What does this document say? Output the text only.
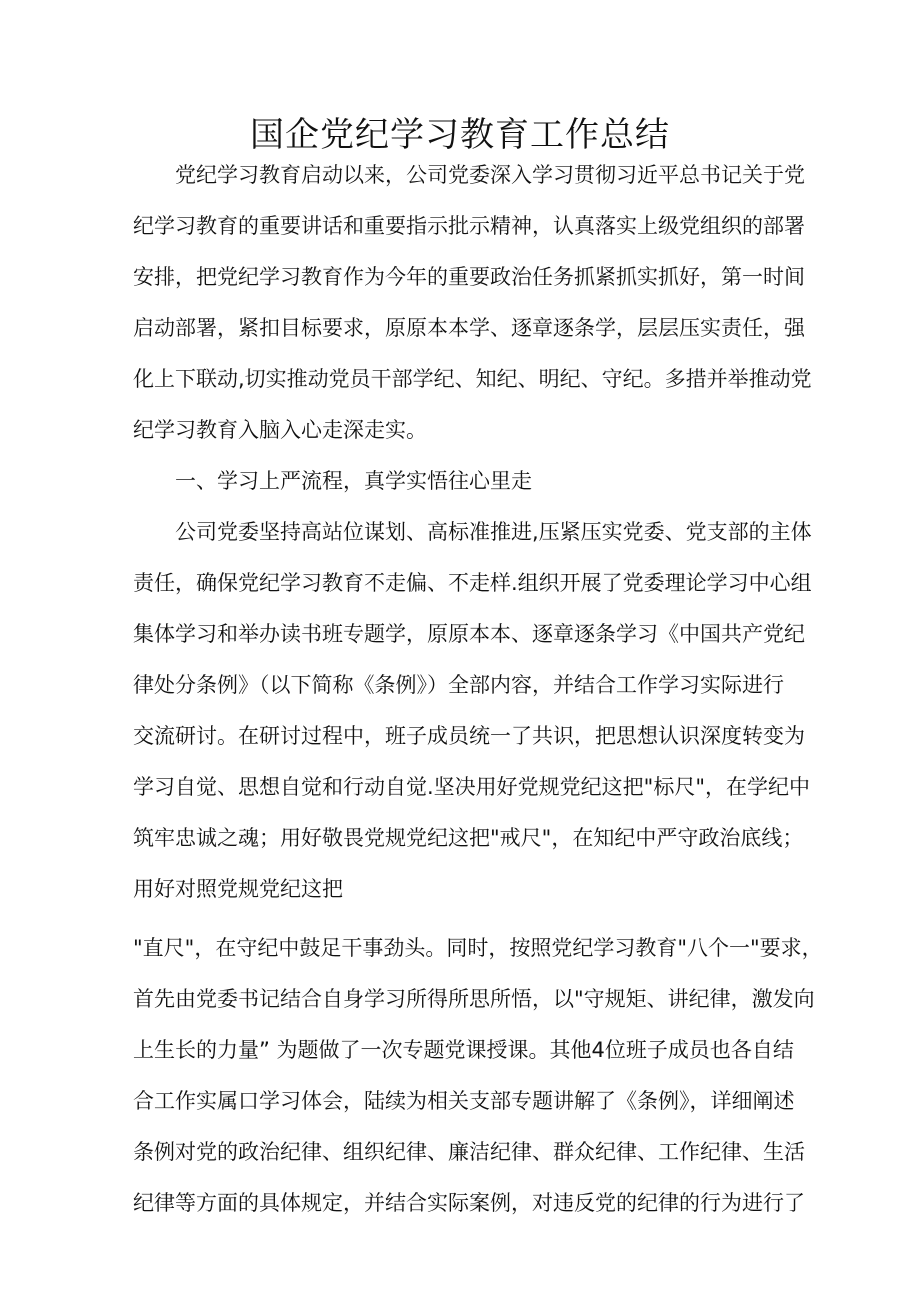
国企党纪学习教育工作总结
党纪学习教育启动以来，公司党委深入学习贯彻习近平总书记关于党
纪学习教育的重要讲话和重要指示批示精神，认真落实上级党组织的部署
安排，把党纪学习教育作为今年的重要政治任务抓紧抓实抓好，第一时间
启动部署，紧扣目标要求，原原本本学、逐章逐条学，层层压实责任，强
化上下联动,切实推动党员干部学纪、知纪、明纪、守纪。多措并举推动党
纪学习教育入脑入心走深走实。
一、学习上严流程，真学实悟往心里走
公司党委坚持高站位谋划、高标准推进,压紧压实党委、党支部的主体
责任，确保党纪学习教育不走偏、不走样.组织开展了党委理论学习中心组
集体学习和举办读书班专题学，原原本本、逐章逐条学习《中国共产党纪
律处分条例》（以下简称《条例》）全部内容，并结合工作学习实际进行
交流研讨。在研讨过程中，班子成员统一了共识，把思想认识深度转变为
学习自觉、思想自觉和行动自觉.坚决用好党规党纪这把"标尺"，在学纪中
筑牢忠诚之魂；用好敬畏党规党纪这把"戒尺"，在知纪中严守政治底线；
用好对照党规党纪这把
"直尺"，在守纪中鼓足干事劲头。同时，按照党纪学习教育"八个一"要求，
首先由党委书记结合自身学习所得所思所悟，以"守规矩、讲纪律，激发向
上生长的力量” 为题做了一次专题党课授课。其他4位班子成员也各自结
合工作实属口学习体会，陆续为相关支部专题讲解了《条例》，详细阐述
条例对党的政治纪律、组织纪律、廉洁纪律、群众纪律、工作纪律、生活
纪律等方面的具体规定，并结合实际案例，对违反党的纪律的行为进行了
